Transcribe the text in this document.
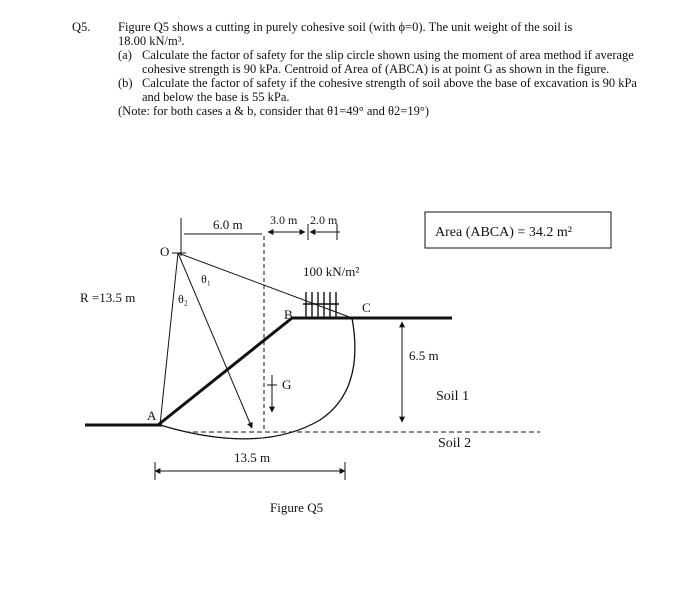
Q5. Figure Q5 shows a cutting in purely cohesive soil (with ϕ=0). The unit weight of the soil is

18.00 kN/m³.

(a) Calculate the factor of safety for the slip circle shown using the moment of area method if average cohesive strength is 90 kPa. Centroid of Area of (ABCA) is at point G as shown in the figure.
(b) Calculate the factor of safety if the cohesive strength of soil above the base of excavation is 90 kPa and below the base is 55 kPa.

(Note: for both cases a & b, consider that θ1=49° and θ2=19°)

6.0 m 3.0 m 2.0 m
Area (ABCA) = 34.2 m²
100 kN/m²
O
θ₁
θ₂
R =13.5 m
B	C
A
G
6.5 m
Soil 1
Soil 2
13.5 m
Figure Q5
